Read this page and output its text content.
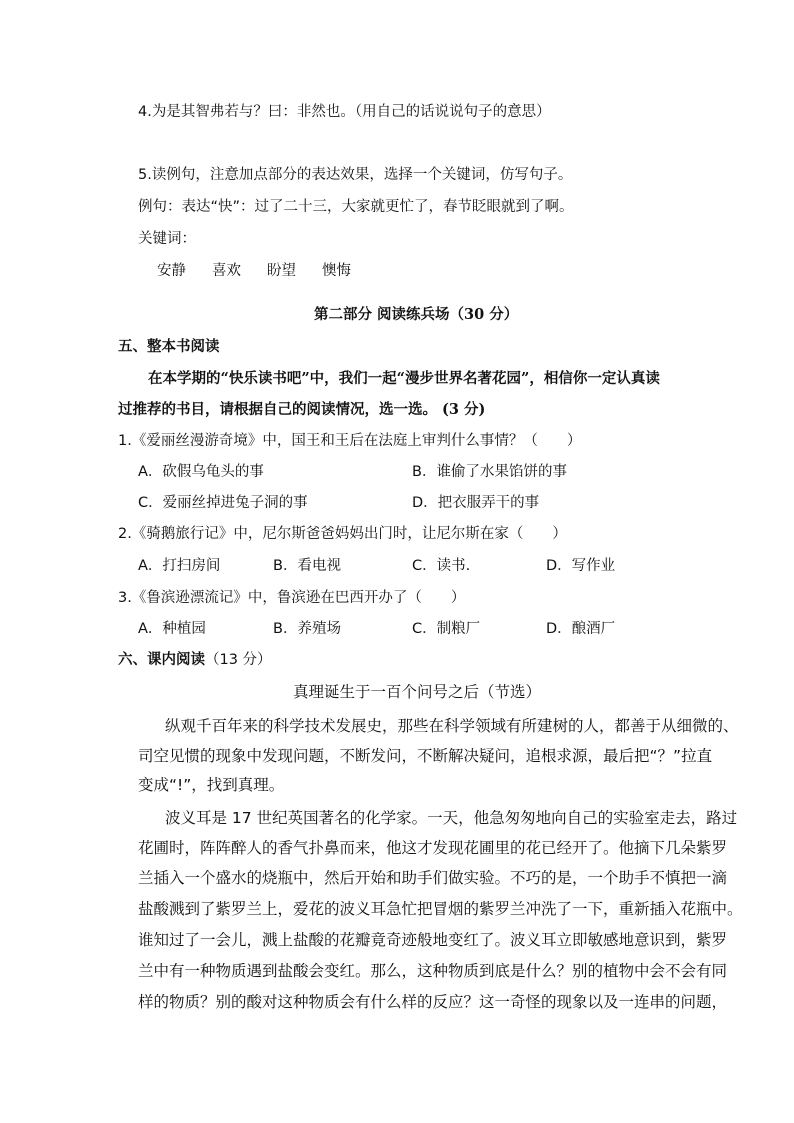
4.为是其智弗若与？曰：非然也。（用自己的话说说句子的意思）
5.读例句，注意加点部分的表达效果，选择一个关键词，仿写句子。
例句：表达“快”：过了二十三，大家就更忙了，春节眨眼就到了啊。
关键词：
安静 喜欢 盼望 懊悔
第二部分 阅读练兵场（30 分）
五、整本书阅读
在本学期的“快乐读书吧”中，我们一起“漫步世界名著花园”，相信你一定认真读
过推荐的书目，请根据自己的阅读情况，选一选。 (3 分)
1.《爱丽丝漫游奇境》中，国王和王后在法庭上审判什么事情？（　　）
A．砍假乌龟头的事	B．谁偷了水果馅饼的事
C．爱丽丝掉进兔子洞的事	D．把衣服弄干的事
2.《骑鹅旅行记》中，尼尔斯爸爸妈妈出门时，让尼尔斯在家（　　）
A．打扫房间	B．看电视	C．读书.	D．写作业
3.《鲁滨逊漂流记》中，鲁滨逊在巴西开办了（　　）
A．种植园	B．养殖场	C．制粮厂	D．酿酒厂
六、课内阅读（13 分）
真理诞生于一百个问号之后（节选）
纵观千百年来的科学技术发展史，那些在科学领域有所建树的人，都善于从细微的、
司空见惯的现象中发现问题，不断发问，不断解决疑问，追根求源，最后把“？”拉直
变成“!”，找到真理。
波义耳是 17 世纪英国著名的化学家。一天，他急匆匆地向自己的实验室走去，路过
花圃时，阵阵醉人的香气扑鼻而来，他这才发现花圃里的花已经开了。他摘下几朵紫罗
兰插入一个盛水的烧瓶中，然后开始和助手们做实验。不巧的是，一个助手不慎把一滴
盐酸溅到了紫罗兰上，爱花的波义耳急忙把冒烟的紫罗兰冲洗了一下，重新插入花瓶中。
谁知过了一会儿，溅上盐酸的花瓣竟奇迹般地变红了。波义耳立即敏感地意识到，紫罗
兰中有一种物质遇到盐酸会变红。那么，这种物质到底是什么？别的植物中会不会有同
样的物质？别的酸对这种物质会有什么样的反应？这一奇怪的现象以及一连串的问题，
